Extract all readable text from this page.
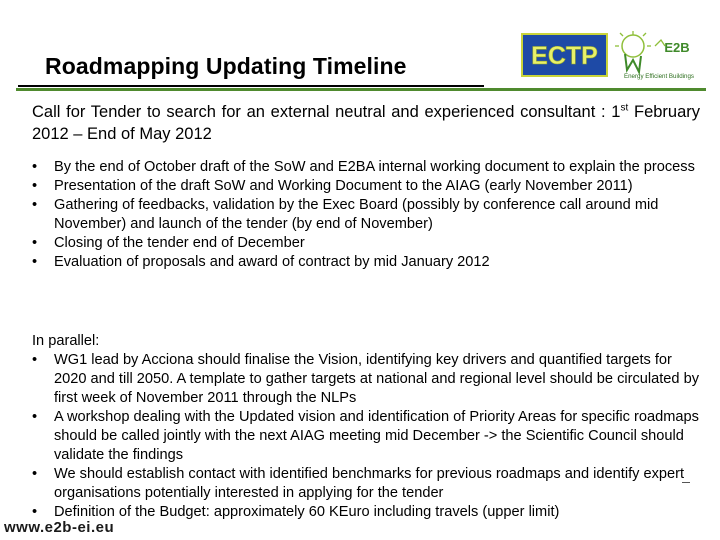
Roadmapping Updating Timeline	ECTP	E2B
Energy Efficient Buildings
Call for Tender to search for an external neutral and experienced consultant : 1st February 2012 – End of May 2012
• By the end of October draft of the SoW and E2BA internal working document to explain the process
• Presentation of the draft SoW and Working Document to the AIAG (early November 2011)
• Gathering of feedbacks, validation by the Exec Board (possibly by conference call around mid November) and launch of the tender (by end of November)
• Closing of the tender end of December
• Evaluation of proposals and award of contract by mid January 2012
In parallel:
• WG1 lead by Acciona should finalise the Vision, identifying key drivers and quantified targets for 2020 and till 2050. A template to gather targets at national and regional level should be circulated by first week of November 2011 through the NLPs
• A workshop dealing with the Updated vision and identification of Priority Areas for specific roadmaps should be called jointly with the next AIAG meeting mid December -> the Scientific Council should validate the findings
• We should establish contact with identified benchmarks for previous roadmaps and identify expert organisations potentially interested in applying for the tender
• Definition of the Budget: approximately 60 KEuro including travels (upper limit)
www.e2b-ei.eu
